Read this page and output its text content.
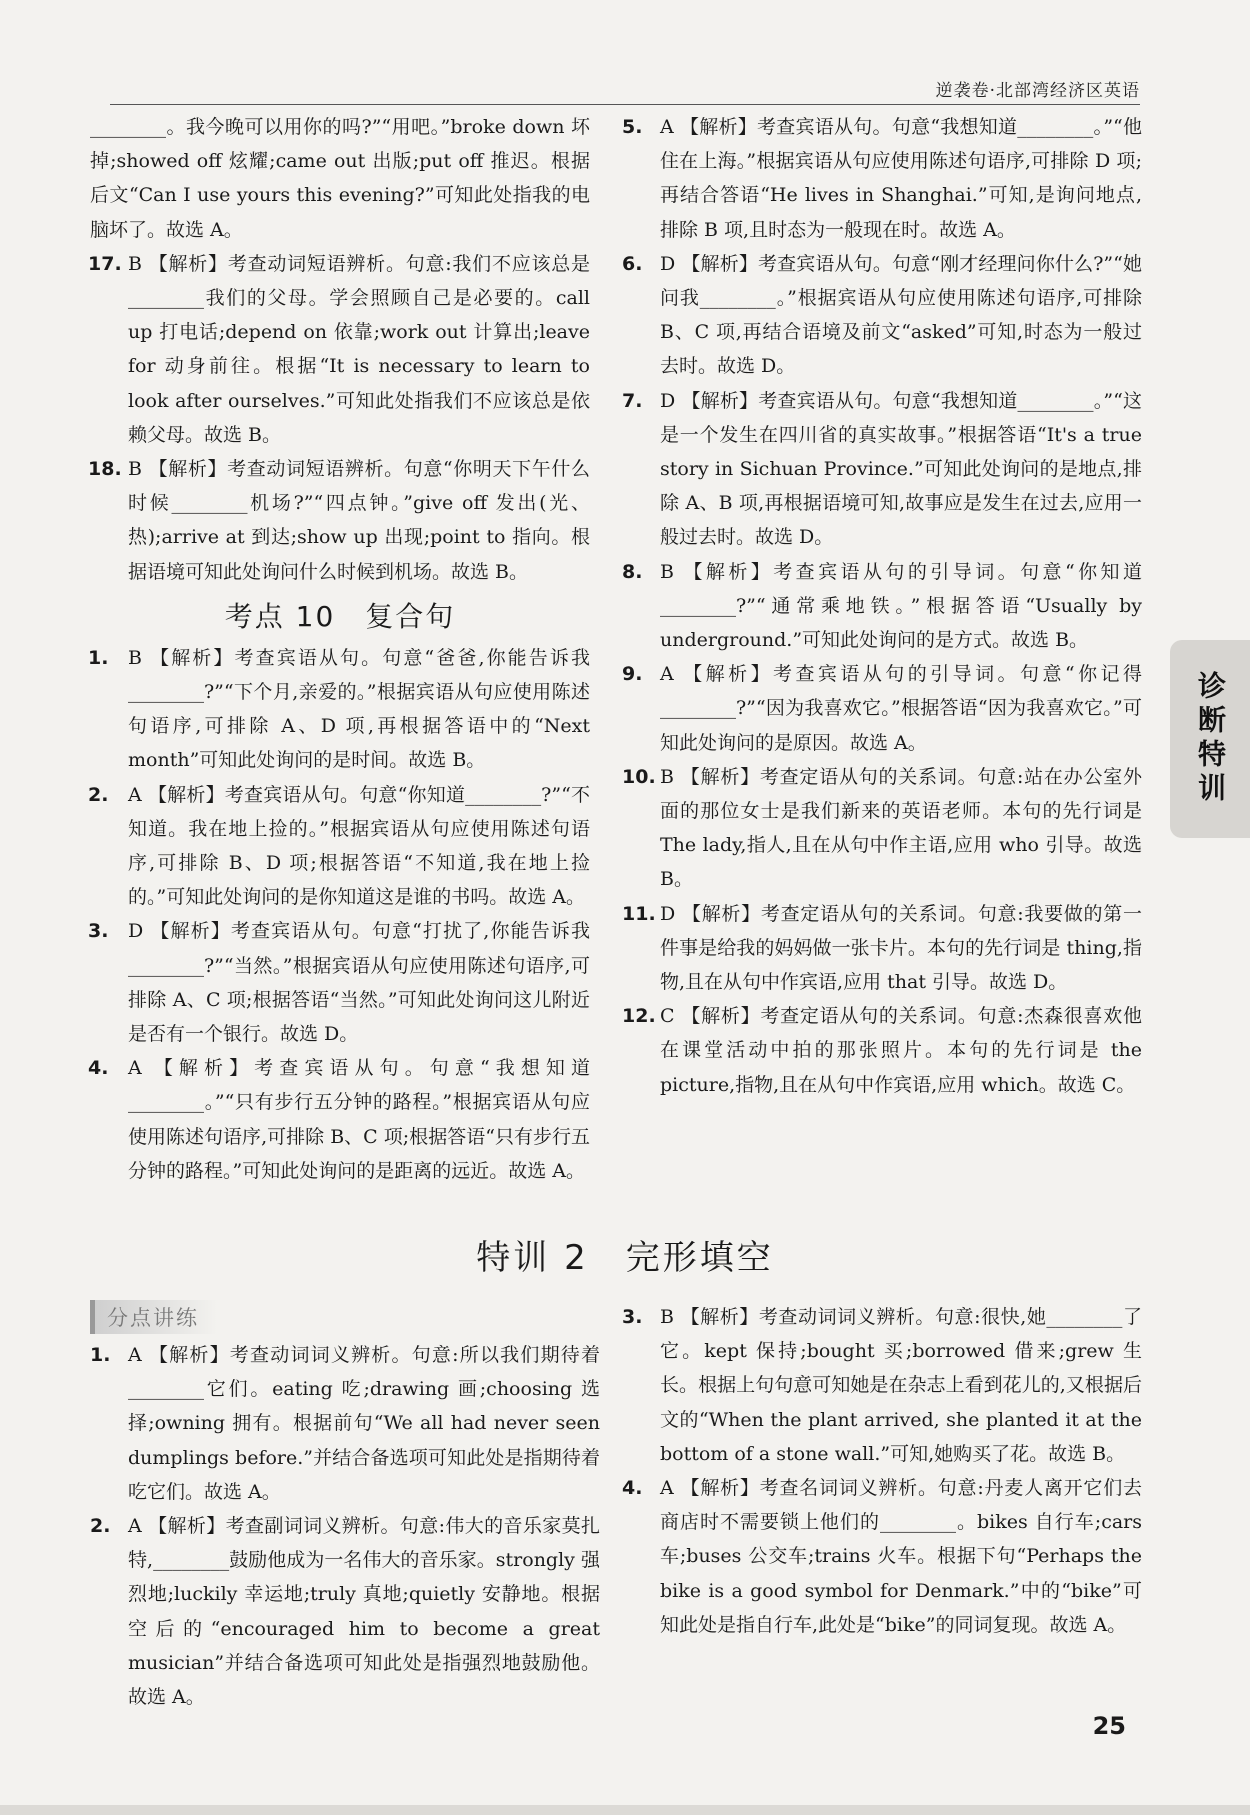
逆袭卷·北部湾经济区英语
诊断特训

________。我今晚可以用你的吗?”“用吧。”broke down 坏掉;showed off 炫耀;came out 出版;put off 推迟。根据后文“Can I use yours this evening?”可知此处指我的电脑坏了。故选 A。

17. B 【解析】考查动词短语辨析。句意:我们不应该总是________我们的父母。学会照顾自己是必要的。call up 打电话;depend on 依靠;work out 计算出;leave for 动身前往。根据“It is necessary to learn to look after ourselves.”可知此处指我们不应该总是依赖父母。故选 B。
18. B 【解析】考查动词短语辨析。句意“你明天下午什么时候________机场?”“四点钟。”give off 发出(光、热);arrive at 到达;show up 出现;point to 指向。根据语境可知此处询问什么时候到机场。故选 B。
考点 10　复合句
1. B 【解析】考查宾语从句。句意“爸爸,你能告诉我________?”“下个月,亲爱的。”根据宾语从句应使用陈述句语序,可排除 A、D 项,再根据答语中的“Next month”可知此处询问的是时间。故选 B。
2. A 【解析】考查宾语从句。句意“你知道________?”“不知道。我在地上捡的。”根据宾语从句应使用陈述句语序,可排除 B、D 项;根据答语“不知道,我在地上捡的。”可知此处询问的是你知道这是谁的书吗。故选 A。
3. D 【解析】考查宾语从句。句意“打扰了,你能告诉我________?”“当然。”根据宾语从句应使用陈述句语序,可排除 A、C 项;根据答语“当然。”可知此处询问这儿附近是否有一个银行。故选 D。
4. A 【解析】考查宾语从句。句意“我想知道________。”“只有步行五分钟的路程。”根据宾语从句应使用陈述句语序,可排除 B、C 项;根据答语“只有步行五分钟的路程。”可知此处询问的是距离的远近。故选 A。
5. A 【解析】考查宾语从句。句意“我想知道________。”“他住在上海。”根据宾语从句应使用陈述句语序,可排除 D 项;再结合答语“He lives in Shanghai.”可知,是询问地点,排除 B 项,且时态为一般现在时。故选 A。
6. D 【解析】考查宾语从句。句意“刚才经理问你什么?”“她问我________。”根据宾语从句应使用陈述句语序,可排除 B、C 项,再结合语境及前文“asked”可知,时态为一般过去时。故选 D。
7. D 【解析】考查宾语从句。句意“我想知道________。”“这是一个发生在四川省的真实故事。”根据答语“It's a true story in Sichuan Province.”可知此处询问的是地点,排除 A、B 项,再根据语境可知,故事应是发生在过去,应用一般过去时。故选 D。
8. B 【解析】考查宾语从句的引导词。句意“你知道________?”“通常乘地铁。”根据答语“Usually by underground.”可知此处询问的是方式。故选 B。
9. A 【解析】考查宾语从句的引导词。句意“你记得________?”“因为我喜欢它。”根据答语“因为我喜欢它。”可知此处询问的是原因。故选 A。
10. B 【解析】考查定语从句的关系词。句意:站在办公室外面的那位女士是我们新来的英语老师。本句的先行词是 The lady,指人,且在从句中作主语,应用 who 引导。故选 B。
11. D 【解析】考查定语从句的关系词。句意:我要做的第一件事是给我的妈妈做一张卡片。本句的先行词是 thing,指物,且在从句中作宾语,应用 that 引导。故选 D。
12. C 【解析】考查定语从句的关系词。句意:杰森很喜欢他在课堂活动中拍的那张照片。本句的先行词是 the picture,指物,且在从句中作宾语,应用 which。故选 C。
特训 2　完形填空
分点讲练
1. A 【解析】考查动词词义辨析。句意:所以我们期待着________它们。eating 吃;drawing 画;choosing 选择;owning 拥有。根据前句“We all had never seen dumplings before.”并结合备选项可知此处是指期待着吃它们。故选 A。
2. A 【解析】考查副词词义辨析。句意:伟大的音乐家莫扎特,________鼓励他成为一名伟大的音乐家。strongly 强烈地;luckily 幸运地;truly 真地;quietly 安静地。根据空后的“encouraged him to become a great musician”并结合备选项可知此处是指强烈地鼓励他。故选 A。
3. B 【解析】考查动词词义辨析。句意:很快,她________了它。kept 保持;bought 买;borrowed 借来;grew 生长。根据上句句意可知她是在杂志上看到花儿的,又根据后文的“When the plant arrived, she planted it at the bottom of a stone wall.”可知,她购买了花。故选 B。
4. A 【解析】考查名词词义辨析。句意:丹麦人离开它们去商店时不需要锁上他们的________。bikes 自行车;cars 车;buses 公交车;trains 火车。根据下句“Perhaps the bike is a good symbol for Denmark.”中的“bike”可知此处是指自行车,此处是“bike”的同词复现。故选 A。
25
